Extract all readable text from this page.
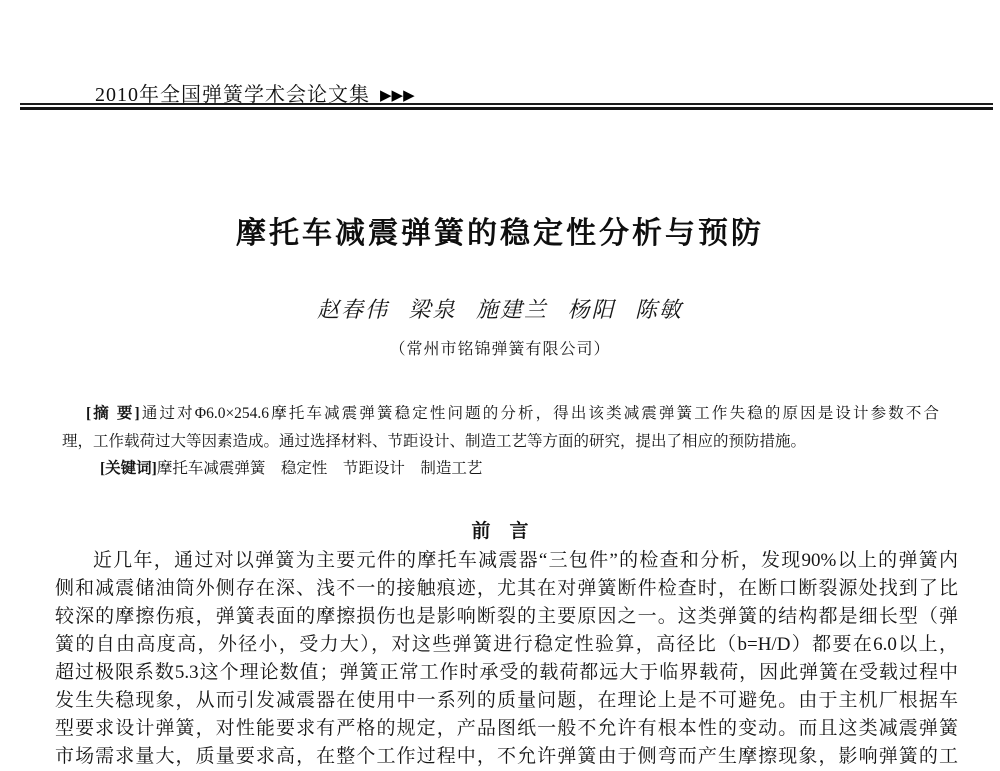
2010年全国弹簧学术会论文集 ▶▶▶
摩托车减震弹簧的稳定性分析与预防
赵春伟 梁泉 施建兰 杨阳 陈敏
（常州市铭锦弹簧有限公司）
[摘 要]通过对Φ6.0×254.6摩托车减震弹簧稳定性问题的分析，得出该类减震弹簧工作失稳的原因是设计参数不合
理，工作载荷过大等因素造成。通过选择材料、节距设计、制造工艺等方面的研究，提出了相应的预防措施。
[关键词]摩托车减震弹簧　稳定性　节距设计　制造工艺
前　言
近几年，通过对以弹簧为主要元件的摩托车减震器“三包件”的检查和分析，发现90%以上的弹簧内
侧和减震储油筒外侧存在深、浅不一的接触痕迹，尤其在对弹簧断件检查时，在断口断裂源处找到了比
较深的摩擦伤痕，弹簧表面的摩擦损伤也是影响断裂的主要原因之一。这类弹簧的结构都是细长型（弹
簧的自由高度高，外径小，受力大），对这些弹簧进行稳定性验算，高径比（b=H/D）都要在6.0以上，
超过极限系数5.3这个理论数值；弹簧正常工作时承受的载荷都远大于临界载荷，因此弹簧在受载过程中
发生失稳现象，从而引发减震器在使用中一系列的质量问题，在理论上是不可避免。由于主机厂根据车
型要求设计弹簧，对性能要求有严格的规定，产品图纸一般不允许有根本性的变动。而且这类减震弹簧
市场需求量大，质量要求高，在整个工作过程中，不允许弹簧由于侧弯而产生摩擦现象，影响弹簧的工
